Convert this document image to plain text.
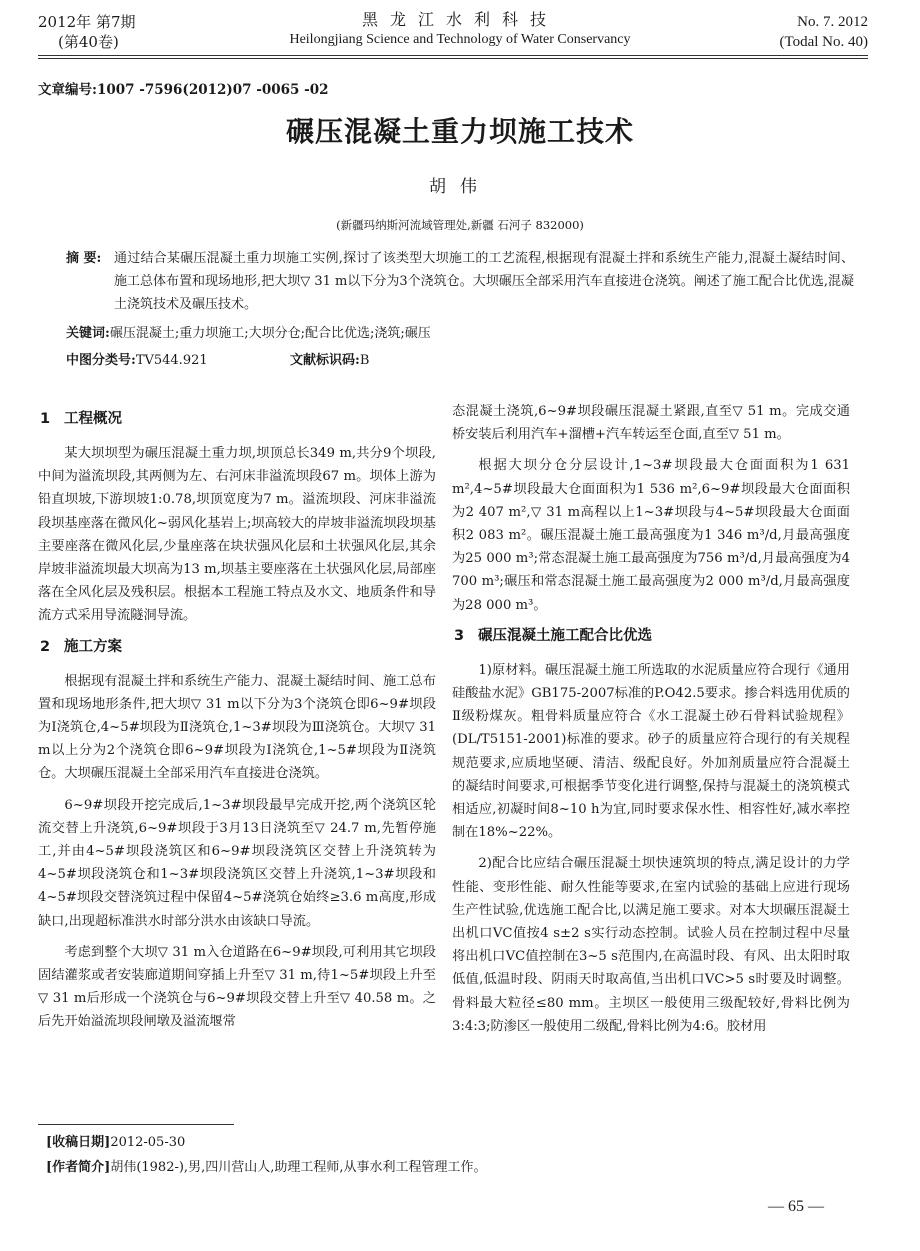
2012年 第7期
(第40卷)
黑龙江水利科技
Heilongjiang Science and Technology of Water Conservancy
No. 7. 2012
(Todal No. 40)
文章编号:1007 -7596(2012)07 -0065 -02
碾压混凝土重力坝施工技术
胡伟
(新疆玛纳斯河流域管理处,新疆 石河子 832000)
摘 要: 通过结合某碾压混凝土重力坝施工实例,探讨了该类型大坝施工的工艺流程,根据现有混凝土拌和系统生产能力,混凝土凝结时间、施工总体布置和现场地形,把大坝▽ 31 m以下分为3个浇筑仓。大坝碾压全部采用汽车直接进仓浇筑。阐述了施工配合比优选,混凝土浇筑技术及碾压技术。
关键词:碾压混凝土;重力坝施工;大坝分仓;配合比优选;浇筑;碾压
中图分类号:TV544.921	文献标识码:B
1 工程概况

某大坝坝型为碾压混凝土重力坝,坝顶总长349 m,共分9个坝段,中间为溢流坝段,其两侧为左、右河床非溢流坝段67 m。坝体上游为铅直坝坡,下游坝坡1:0.78,坝顶宽度为7 m。溢流坝段、河床非溢流段坝基座落在微风化~弱风化基岩上;坝高较大的岸坡非溢流坝段坝基主要座落在微风化层,少量座落在块状强风化层和土状强风化层,其余岸坡非溢流坝最大坝高为13 m,坝基主要座落在土状强风化层,局部座落在全风化层及残积层。根据本工程施工特点及水文、地质条件和导流方式采用导流隧洞导流。

2 施工方案

根据现有混凝土拌和系统生产能力、混凝土凝结时间、施工总布置和现场地形条件,把大坝▽ 31 m以下分为3个浇筑仓即6~9#坝段为Ⅰ浇筑仓,4~5#坝段为Ⅱ浇筑仓,1~3#坝段为Ⅲ浇筑仓。大坝▽ 31 m以上分为2个浇筑仓即6~9#坝段为Ⅰ浇筑仓,1~5#坝段为Ⅱ浇筑仓。大坝碾压混凝土全部采用汽车直接进仓浇筑。

6~9#坝段开挖完成后,1~3#坝段最早完成开挖,两个浇筑区轮流交替上升浇筑,6~9#坝段于3月13日浇筑至▽ 24.7 m,先暂停施工,并由4~5#坝段浇筑区和6~9#坝段浇筑区交替上升浇筑转为4~5#坝段浇筑仓和1~3#坝段浇筑区交替上升浇筑,1~3#坝段和4~5#坝段交替浇筑过程中保留4~5#浇筑仓始终≥3.6 m高度,形成缺口,出现超标准洪水时部分洪水由该缺口导流。

考虑到整个大坝▽ 31 m入仓道路在6~9#坝段,可利用其它坝段固结灌浆或者安装廊道期间穿插上升至▽ 31 m,待1~5#坝段上升至▽ 31 m后形成一个浇筑仓与6~9#坝段交替上升至▽ 40.58 m。之后先开始溢流坝段闸墩及溢流堰常

态混凝土浇筑,6~9#坝段碾压混凝土紧跟,直至▽ 51 m。完成交通桥安装后利用汽车+溜槽+汽车转运至仓面,直至▽ 51 m。

根据大坝分仓分层设计,1~3#坝段最大仓面面积为1 631 m²,4~5#坝段最大仓面面积为1 536 m²,6~9#坝段最大仓面面积为2 407 m²,▽ 31 m高程以上1~3#坝段与4~5#坝段最大仓面面积2 083 m²。碾压混凝土施工最高强度为1 346 m³/d,月最高强度为25 000 m³;常态混凝土施工最高强度为756 m³/d,月最高强度为4 700 m³;碾压和常态混凝土施工最高强度为2 000 m³/d,月最高强度为28 000 m³。

3 碾压混凝土施工配合比优选

1)原材料。碾压混凝土施工所选取的水泥质量应符合现行《通用硅酸盐水泥》GB175-2007标准的P.O42.5要求。掺合料选用优质的Ⅱ级粉煤灰。粗骨料质量应符合《水工混凝土砂石骨料试验规程》(DL/T5151-2001)标准的要求。砂子的质量应符合现行的有关规程规范要求,应质地坚硬、清洁、级配良好。外加剂质量应符合混凝土的凝结时间要求,可根据季节变化进行调整,保持与混凝土的浇筑模式相适应,初凝时间8~10 h为宜,同时要求保水性、相容性好,减水率控制在18%~22%。

2)配合比应结合碾压混凝土坝快速筑坝的特点,满足设计的力学性能、变形性能、耐久性能等要求,在室内试验的基础上应进行现场生产性试验,优选施工配合比,以满足施工要求。对本大坝碾压混凝土出机口VC值按4 s±2 s实行动态控制。试验人员在控制过程中尽量将出机口VC值控制在3~5 s范围内,在高温时段、有风、出太阳时取低值,低温时段、阴雨天时取高值,当出机口VC>5 s时要及时调整。骨料最大粒径≤80 mm。主坝区一般使用三级配较好,骨料比例为3:4:3;防渗区一般使用二级配,骨料比例为4:6。胶材用

[收稿日期]2012-05-30
[作者简介]胡伟(1982-),男,四川营山人,助理工程师,从事水利工程管理工作。
— 65 —
